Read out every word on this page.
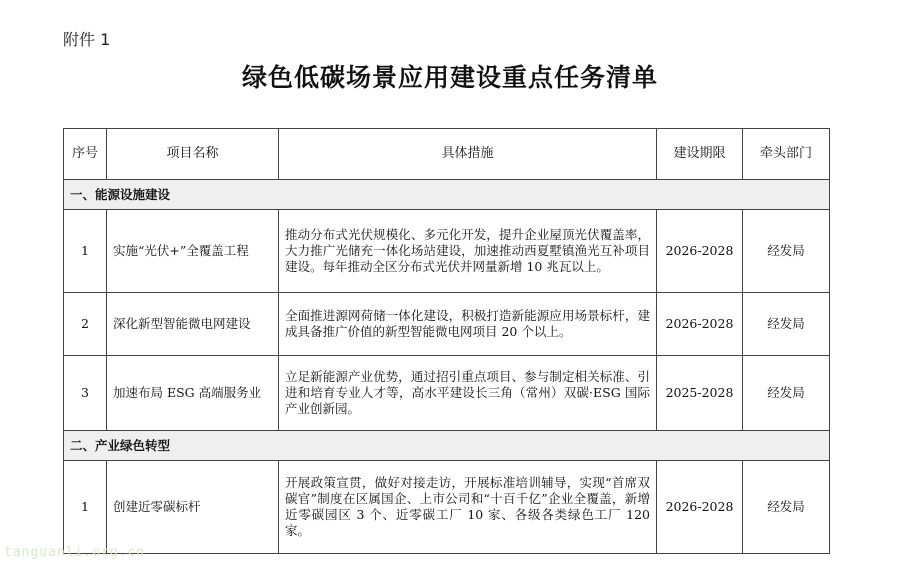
附件 1
绿色低碳场景应用建设重点任务清单
序号	项目名称	具体措施	建设期限	牵头部门
一、能源设施建设				
1	实施“光伏+”全覆盖工程	推动分布式光伏规模化、多元化开发，提升企业屋顶光伏覆盖率，大力推广光储充一体化场站建设，加速推动西夏墅镇渔光互补项目建设。每年推动全区分布式光伏并网量新增 10 兆瓦以上。	2026-2028	经发局
2	深化新型智能微电网建设	全面推进源网荷储一体化建设，积极打造新能源应用场景标杆，建成具备推广价值的新型智能微电网项目 20 个以上。	2026-2028	经发局
3	加速布局 ESG 高端服务业	立足新能源产业优势，通过招引重点项目、参与制定相关标准、引进和培育专业人才等，高水平建设长三角（常州）双碳·ESG 国际产业创新园。	2025-2028	经发局
二、产业绿色转型				
1	创建近零碳标杆	开展政策宣贯，做好对接走访，开展标准培训辅导，实现“首席双碳官”制度在区属国企、上市公司和“十百千亿”企业全覆盖，新增近零碳园区 3 个、近零碳工厂 10 家、各级各类绿色工厂 120 家。	2026-2028	经发局
tanguanli.org.cn
